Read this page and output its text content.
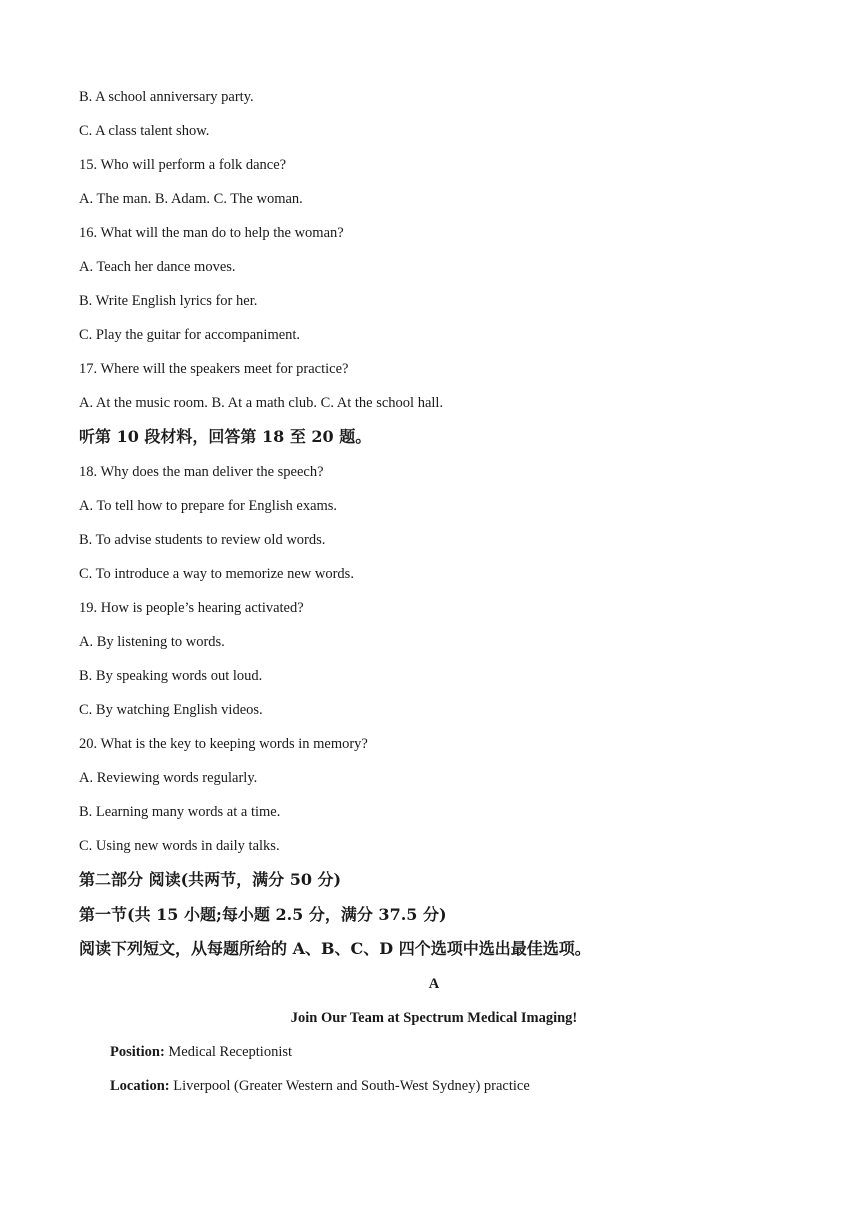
B. A school anniversary party.
C. A class talent show.
15. Who will perform a folk dance?
A. The man. B. Adam. C. The woman.
16. What will the man do to help the woman?
A. Teach her dance moves.
B. Write English lyrics for her.
C. Play the guitar for accompaniment.
17. Where will the speakers meet for practice?
A. At the music room. B. At a math club. C. At the school hall.
听第 10 段材料，回答第 18 至 20 题。
18. Why does the man deliver the speech?
A. To tell how to prepare for English exams.
B. To advise students to review old words.
C. To introduce a way to memorize new words.
19. How is people’s hearing activated?
A. By listening to words.
B. By speaking words out loud.
C. By watching English videos.
20. What is the key to keeping words in memory?
A. Reviewing words regularly.
B. Learning many words at a time.
C. Using new words in daily talks.
第二部分 阅读(共两节，满分 50 分)
第一节(共 15 小题;每小题 2.5 分，满分 37.5 分)
阅读下列短文，从每题所给的 A、B、C、D 四个选项中选出最佳选项。
A
Join Our Team at Spectrum Medical Imaging!
Position: Medical Receptionist
Location: Liverpool (Greater Western and South-West Sydney) practice
